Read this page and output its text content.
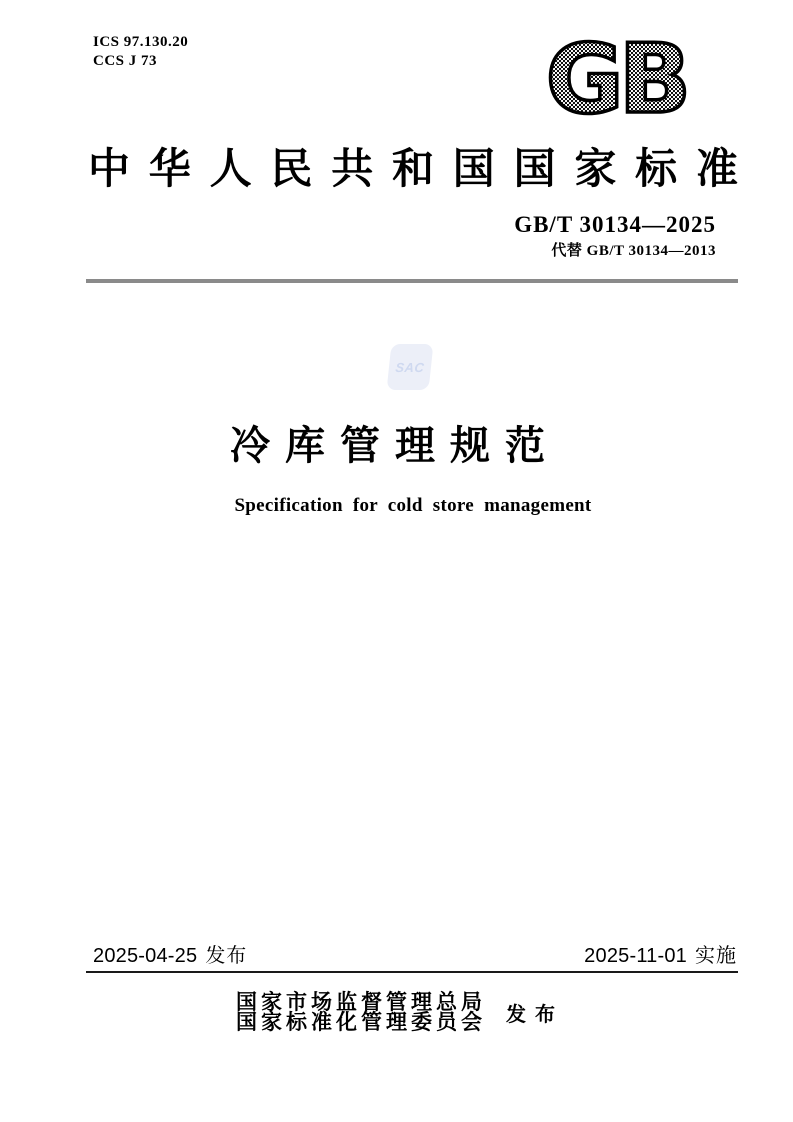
ICS 97.130.20
CCS J 73	GB
中华人民共和国国家标准
GB/T 30134—2025
代替 GB/T 30134—2013
SAC
冷库管理规范
Specification for cold store management
2025-04-25 发布	2025-11-01 实施
国家市场监督管理总局
国家标准化管理委员会 发 布
